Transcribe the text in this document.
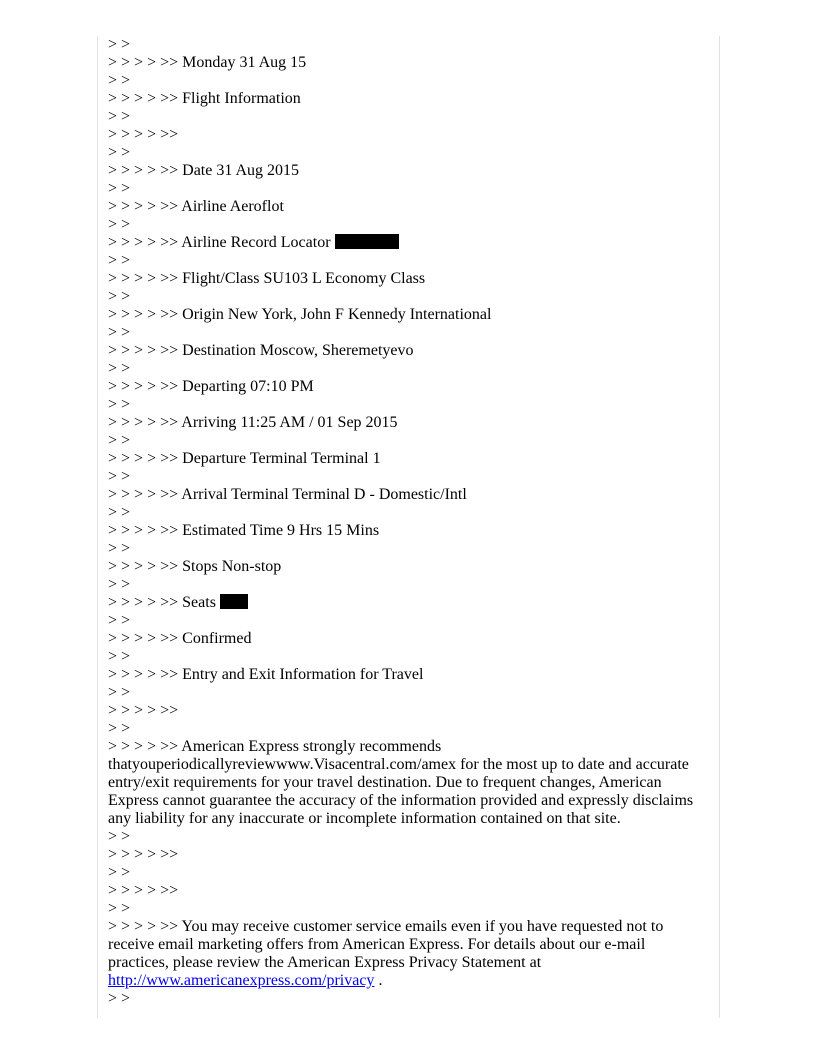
> >
> > > > >> Monday 31 Aug 15
> >
> > > > >> Flight Information
> >
> > > > >>
> >
> > > > >> Date 31 Aug 2015
> >
> > > > >> Airline Aeroflot
> >
> > > > >> Airline Record Locator
> >
> > > > >> Flight/Class SU103 L Economy Class
> >
> > > > >> Origin New York, John F Kennedy International
> >
> > > > >> Destination Moscow, Sheremetyevo
> >
> > > > >> Departing 07:10 PM
> >
> > > > >> Arriving 11:25 AM / 01 Sep 2015
> >
> > > > >> Departure Terminal Terminal 1
> >
> > > > >> Arrival Terminal Terminal D - Domestic/Intl
> >
> > > > >> Estimated Time 9 Hrs 15 Mins
> >
> > > > >> Stops Non-stop
> >
> > > > >> Seats
> >
> > > > >> Confirmed
> >
> > > > >> Entry and Exit Information for Travel
> >
> > > > >>
> >
> > > > >> American Express strongly recommends thatyouperiodicallyreviewwww.Visacentral.com/amex for the most up to date and accurate entry/exit requirements for your travel destination. Due to frequent changes, American Express cannot guarantee the accuracy of the information provided and expressly disclaims any liability for any inaccurate or incomplete information contained on that site.
> >
> > > > >>
> >
> > > > >>
> >
> > > > >> You may receive customer service emails even if you have requested not to receive email marketing offers from American Express. For details about our e-mail practices, please review the American Express Privacy Statement at
http://www.americanexpress.com/privacy .
> >
